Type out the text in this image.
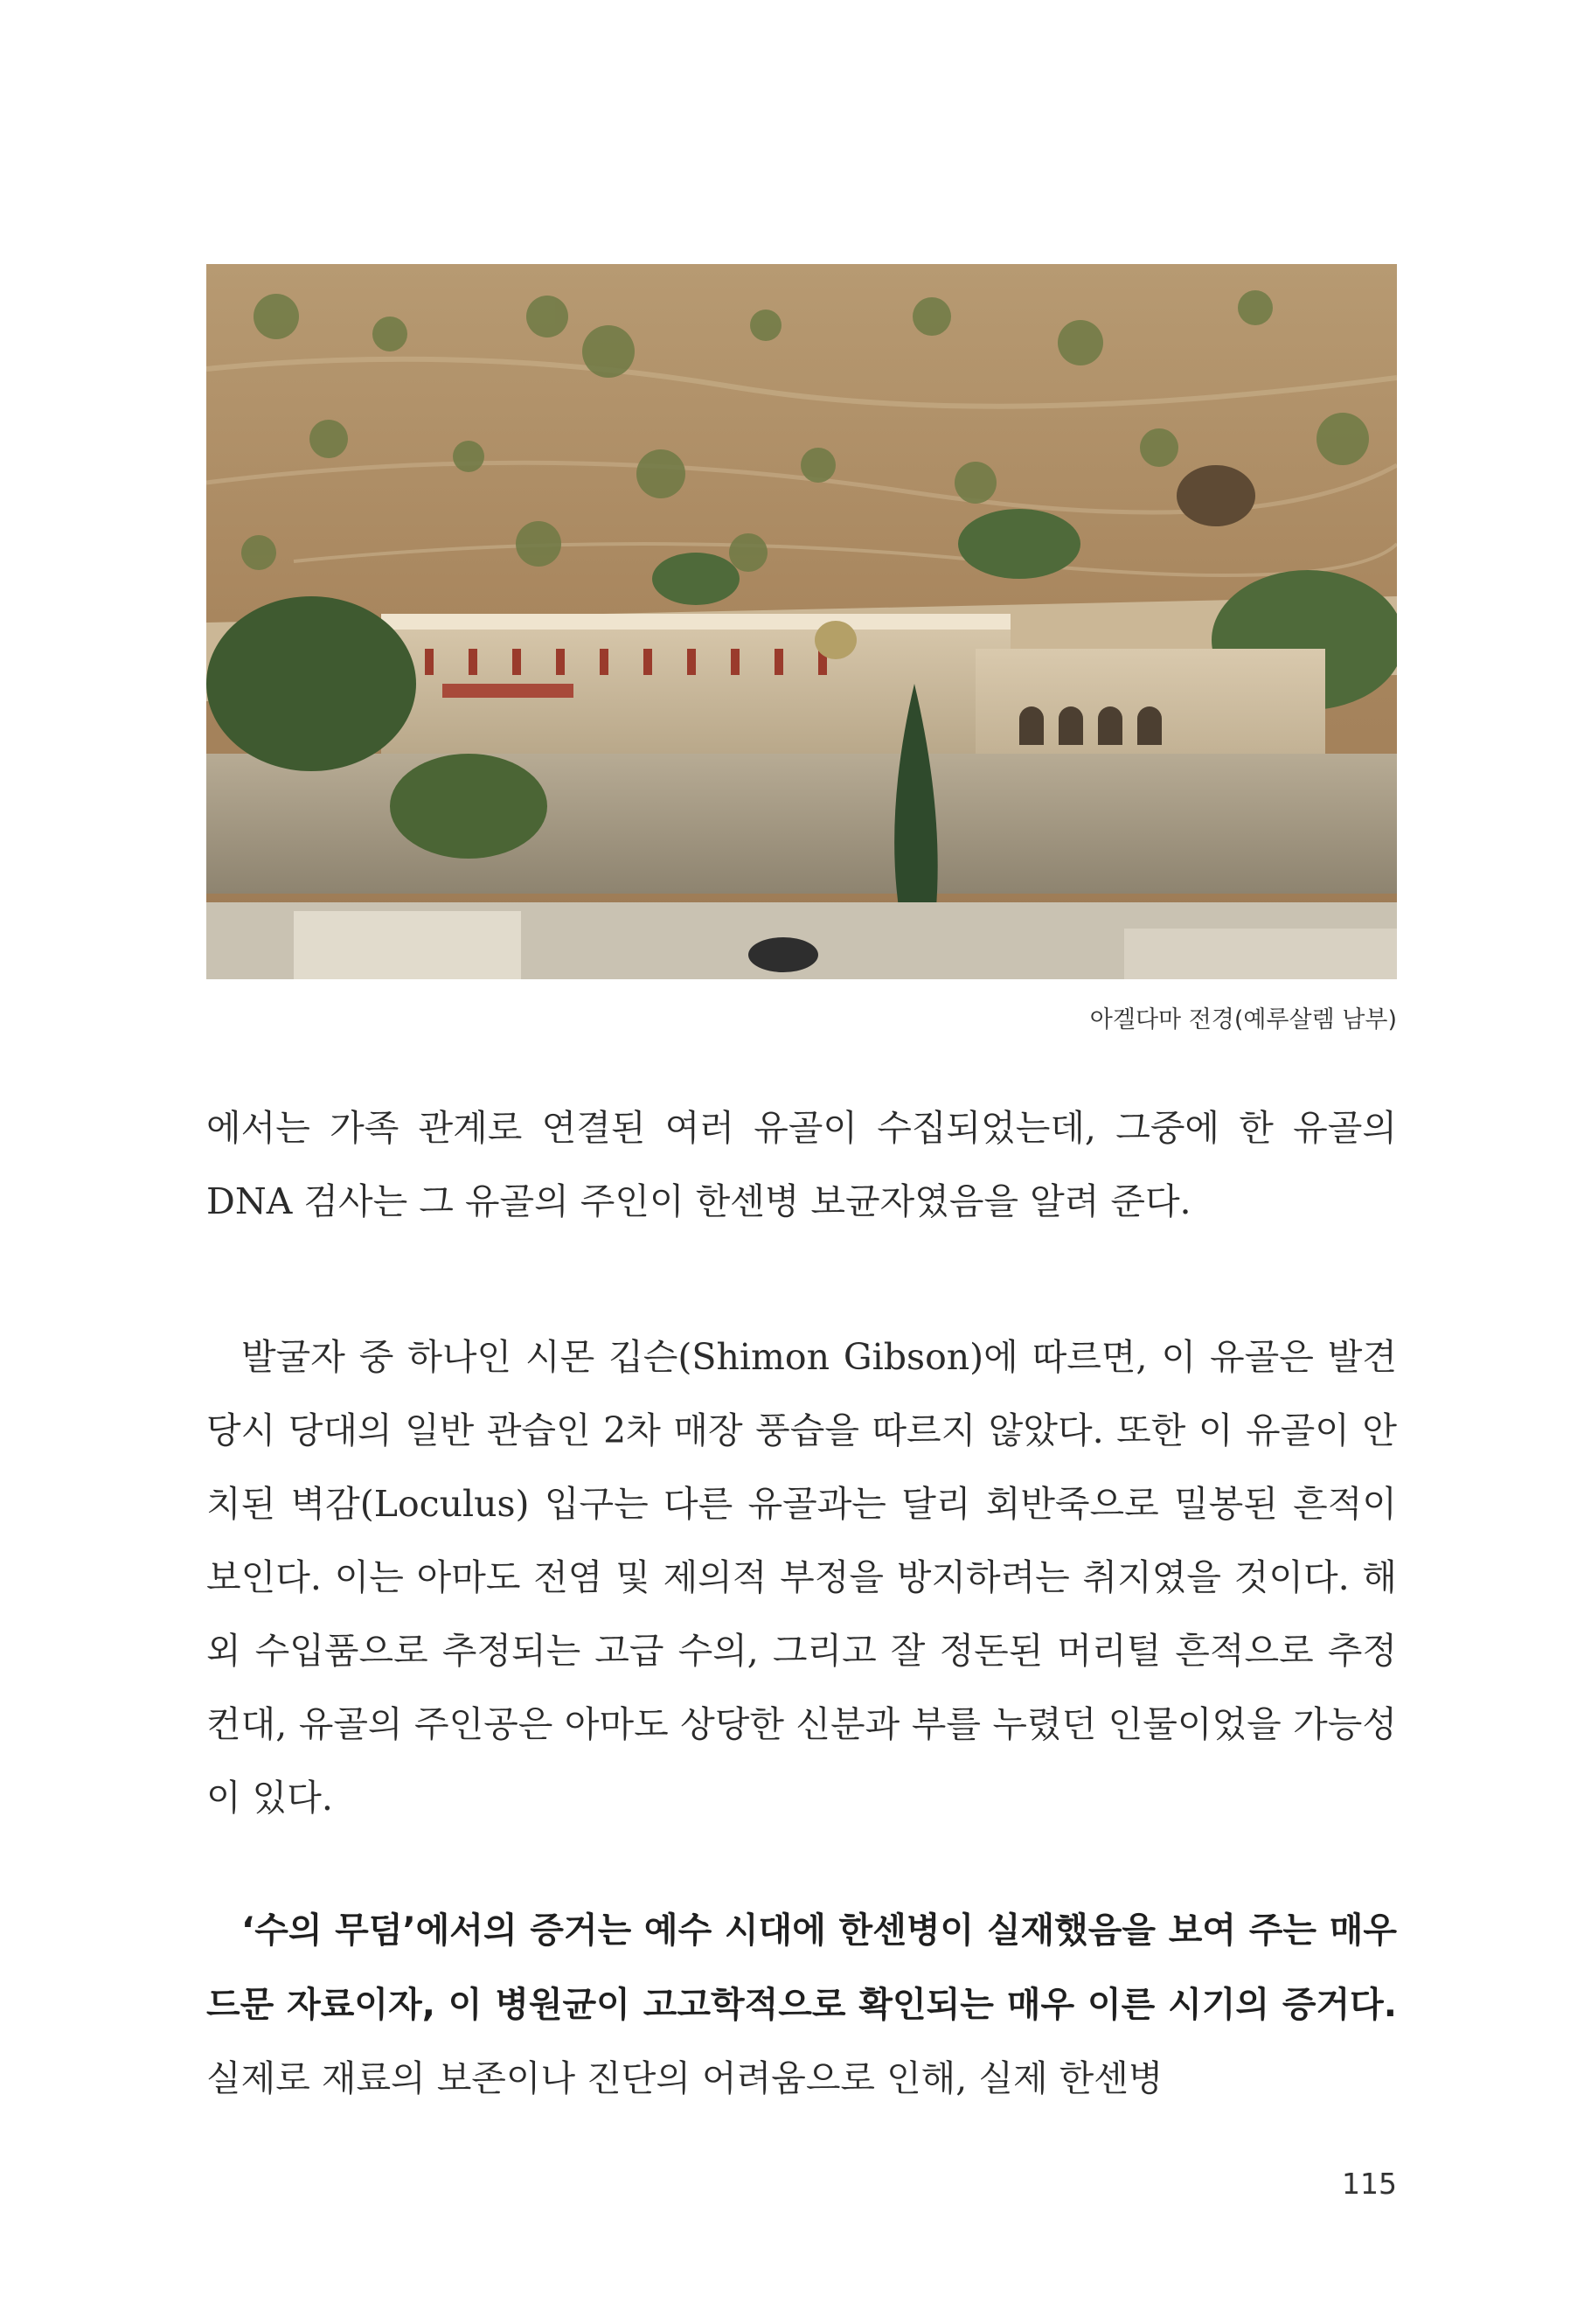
아겔다마 전경(예루살렘 남부)

에서는 가족 관계로 연결된 여러 유골이 수집되었는데, 그중에 한 유골의 DNA 검사는 그 유골의 주인이 한센병 보균자였음을 알려 준다.

발굴자 중 하나인 시몬 깁슨(Shimon Gibson)에 따르면, 이 유골은 발견 당시 당대의 일반 관습인 2차 매장 풍습을 따르지 않았다. 또한 이 유골이 안치된 벽감(Loculus) 입구는 다른 유골과는 달리 회반죽으로 밀봉된 흔적이 보인다. 이는 아마도 전염 및 제의적 부정을 방지하려는 취지였을 것이다. 해외 수입품으로 추정되는 고급 수의, 그리고 잘 정돈된 머리털 흔적으로 추정컨대, 유골의 주인공은 아마도 상당한 신분과 부를 누렸던 인물이었을 가능성이 있다.

‘수의 무덤’에서의 증거는 예수 시대에 한센병이 실재했음을 보여 주는 매우 드문 자료이자, 이 병원균이 고고학적으로 확인되는 매우 이른 시기의 증거다. 실제로 재료의 보존이나 진단의 어려움으로 인해, 실제 한센병

115
